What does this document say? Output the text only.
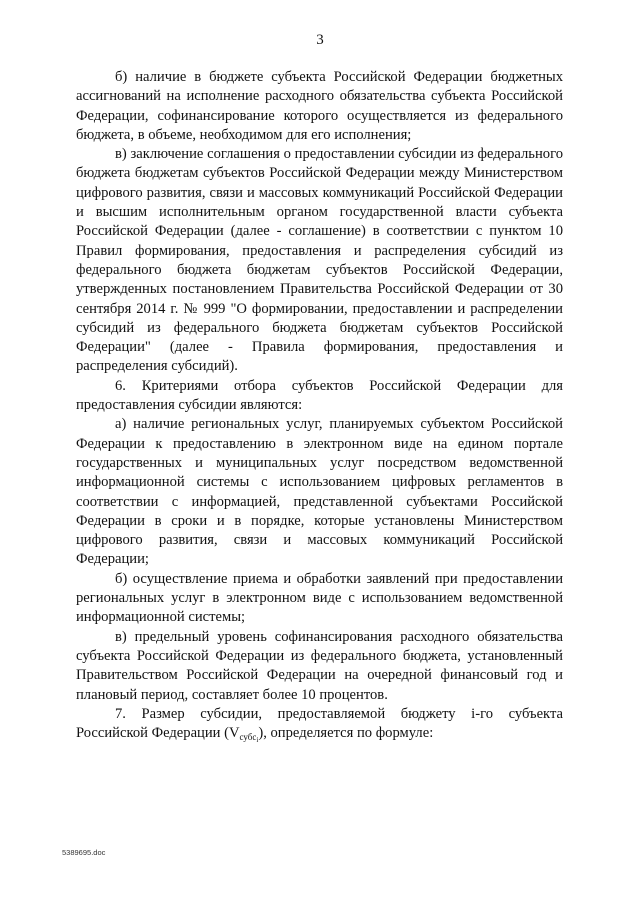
3

б) наличие в бюджете субъекта Российской Федерации бюджетных ассигнований на исполнение расходного обязательства субъекта Российской Федерации, софинансирование которого осуществляется из федерального бюджета, в объеме, необходимом для его исполнения;

в) заключение соглашения о предоставлении субсидии из федерального бюджета бюджетам субъектов Российской Федерации между Министерством цифрового развития, связи и массовых коммуникаций Российской Федерации и высшим исполнительным органом государственной власти субъекта Российской Федерации (далее - соглашение) в соответствии с пунктом 10 Правил формирования, предоставления и распределения субсидий из федерального бюджета бюджетам субъектов Российской Федерации, утвержденных постановлением Правительства Российской Федерации от 30 сентября 2014 г. № 999 "О формировании, предоставлении и распределении субсидий из федерального бюджета бюджетам субъектов Российской Федерации" (далее - Правила формирования, предоставления и распределения субсидий).

6. Критериями отбора субъектов Российской Федерации для предоставления субсидии являются:

а) наличие региональных услуг, планируемых субъектом Российской Федерации к предоставлению в электронном виде на едином портале государственных и муниципальных услуг посредством ведомственной информационной системы с использованием цифровых регламентов в соответствии с информацией, представленной субъектами Российской Федерации в сроки и в порядке, которые установлены Министерством цифрового развития, связи и массовых коммуникаций Российской Федерации;

б) осуществление приема и обработки заявлений при предоставлении региональных услуг в электронном виде с использованием ведомственной информационной системы;

в) предельный уровень софинансирования расходного обязательства субъекта Российской Федерации из федерального бюджета, установленный Правительством Российской Федерации на очередной финансовый год и плановый период, составляет более 10 процентов.

7. Размер субсидии, предоставляемой бюджету i-го субъекта Российской Федерации $(V_{субс_i})$, определяется по формуле:

5389695.doc
